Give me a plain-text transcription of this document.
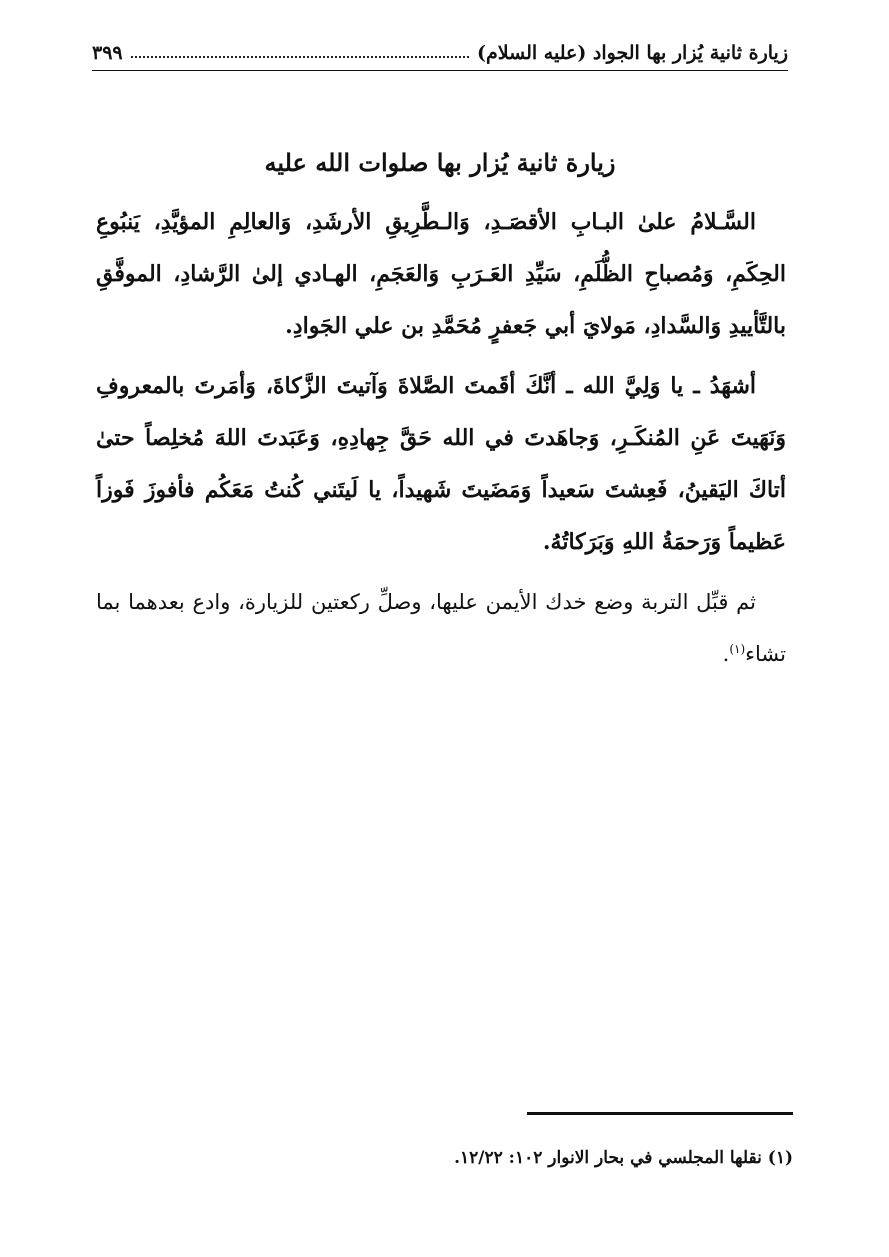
زيارة ثانية يُزار بها الجواد (عليه السلام)
٣٩٩
زيارة ثانية يُزار بها صلوات الله عليه

السَّـلامُ علىٰ البـابِ الأقصَـدِ، وَالـطَّرِيقِ الأرشَدِ، وَالعالِمِ المؤيَّدِ، يَنبُوعِ الحِكَمِ، وَمُصباحِ الظُّلَمِ، سَيِّدِ العَـرَبِ وَالعَجَمِ، الهـادي إلىٰ الرَّشادِ، الموفَّقِ بالتَّأييدِ وَالسَّدادِ، مَولايَ أبي جَعفرٍ مُحَمَّدِ بن علي الجَوادِ.

أشهَدُ ـ يا وَلِيَّ الله ـ أنَّكَ أقَمتَ الصَّلاةَ وَآتيتَ الزَّكاةَ، وَأمَرتَ بالمعروفِ وَنَهَيتَ عَنِ المُنكَـرِ، وَجاهَدتَ في الله حَقَّ جِهادِهِ، وَعَبَدتَ اللهَ مُخلِصاً حتىٰ أتاكَ اليَقينُ، فَعِشتَ سَعيداً وَمَضَيتَ شَهيداً، يا لَيتَني كُنتُ مَعَكُم فأفوزَ فَوزاً عَظيماً وَرَحمَةُ اللهِ وَبَرَكاتُهُ.

ثم قبِّل التربة وضع خدك الأيمن عليها، وصلِّ ركعتين للزيارة، وادع بعدهما بما تشاء$^{(١)}$.

(١) نقلها المجلسي في بحار الانوار ١٠٢: ١٢/٢٢.
